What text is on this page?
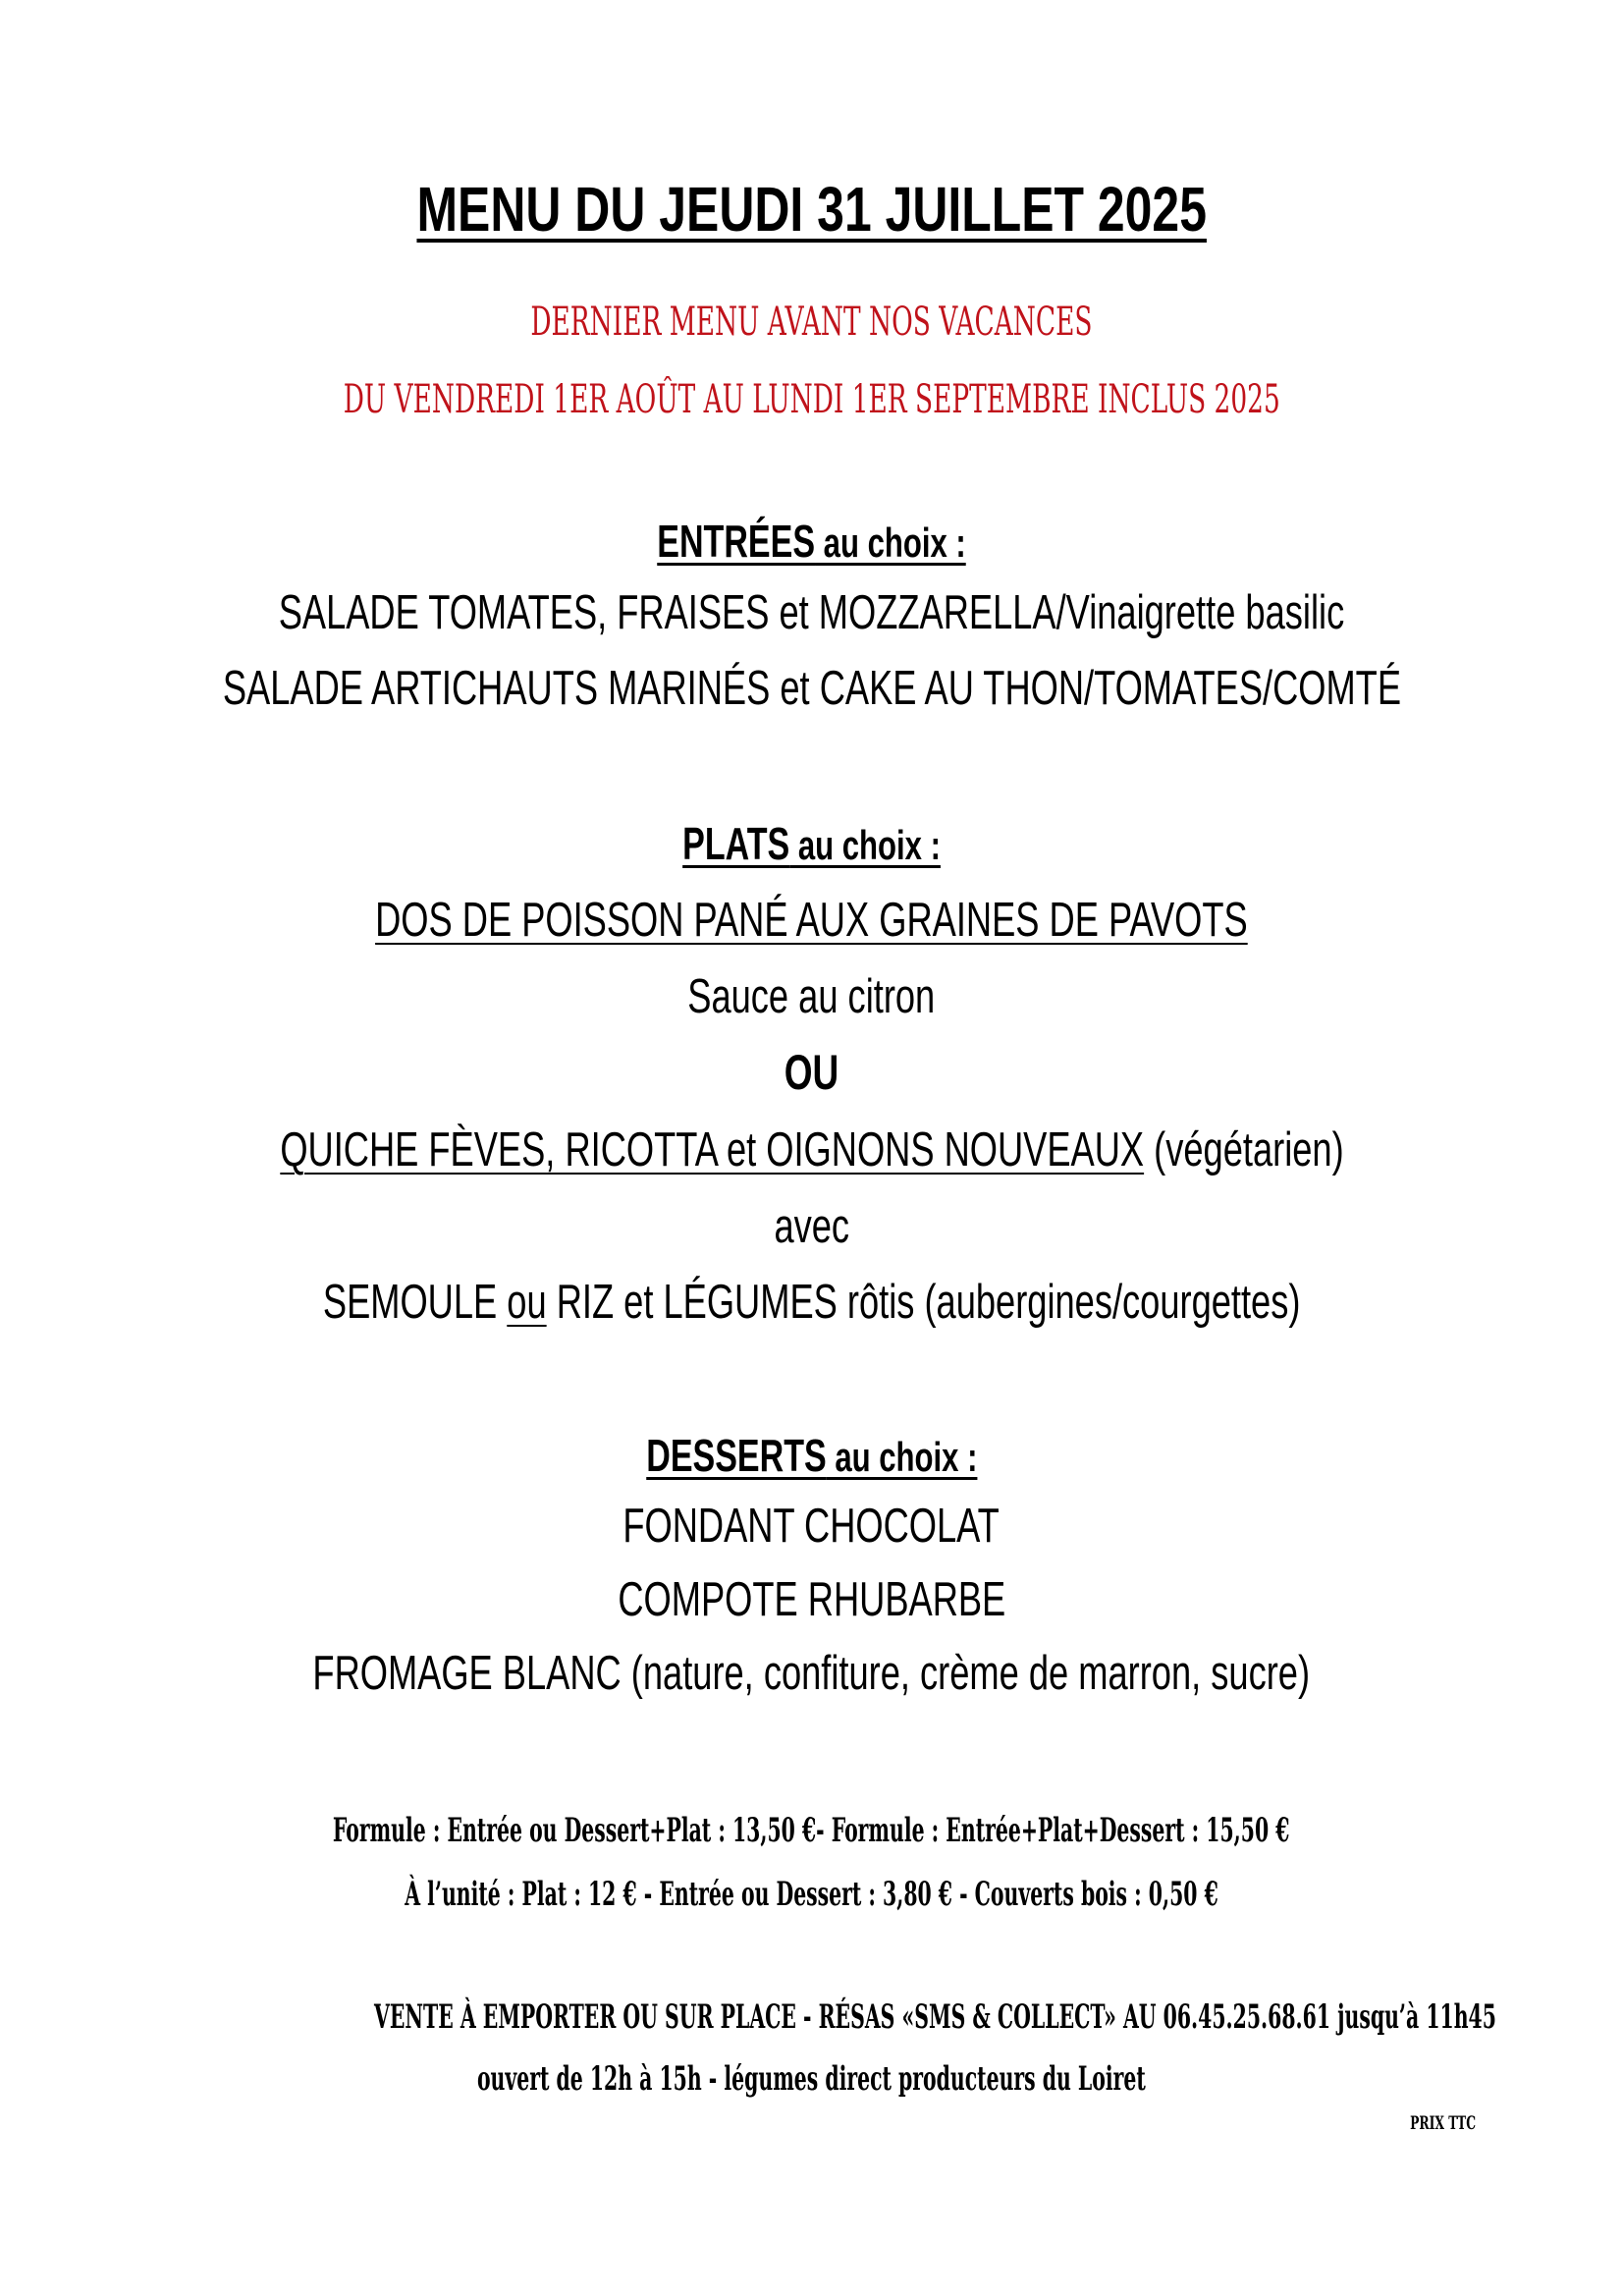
MENU DU JEUDI 31 JUILLET 2025
DERNIER MENU AVANT NOS VACANCES
DU VENDREDI 1ER AOÛT AU LUNDI 1ER SEPTEMBRE INCLUS 2025
ENTRÉES au choix :
SALADE TOMATES, FRAISES et MOZZARELLA/Vinaigrette basilic
SALADE ARTICHAUTS MARINÉS et CAKE AU THON/TOMATES/COMTÉ
PLATS au choix :
DOS DE POISSON PANÉ AUX GRAINES DE PAVOTS
Sauce au citron
OU
QUICHE FÈVES, RICOTTA et OIGNONS NOUVEAUX (végétarien)
avec
SEMOULE ou RIZ et LÉGUMES rôtis (aubergines/courgettes)
DESSERTS au choix :
FONDANT CHOCOLAT
COMPOTE RHUBARBE
FROMAGE BLANC (nature, confiture, crème de marron, sucre)
Formule : Entrée ou Dessert+Plat : 13,50 €- Formule : Entrée+Plat+Dessert : 15,50 €
À l’unité : Plat : 12 € - Entrée ou Dessert : 3,80 € - Couverts bois : 0,50 €
VENTE À EMPORTER OU SUR PLACE - RÉSAS «SMS & COLLECT» AU 06.45.25.68.61 jusqu’à 11h45
ouvert de 12h à 15h - légumes direct producteurs du Loiret
PRIX TTC
